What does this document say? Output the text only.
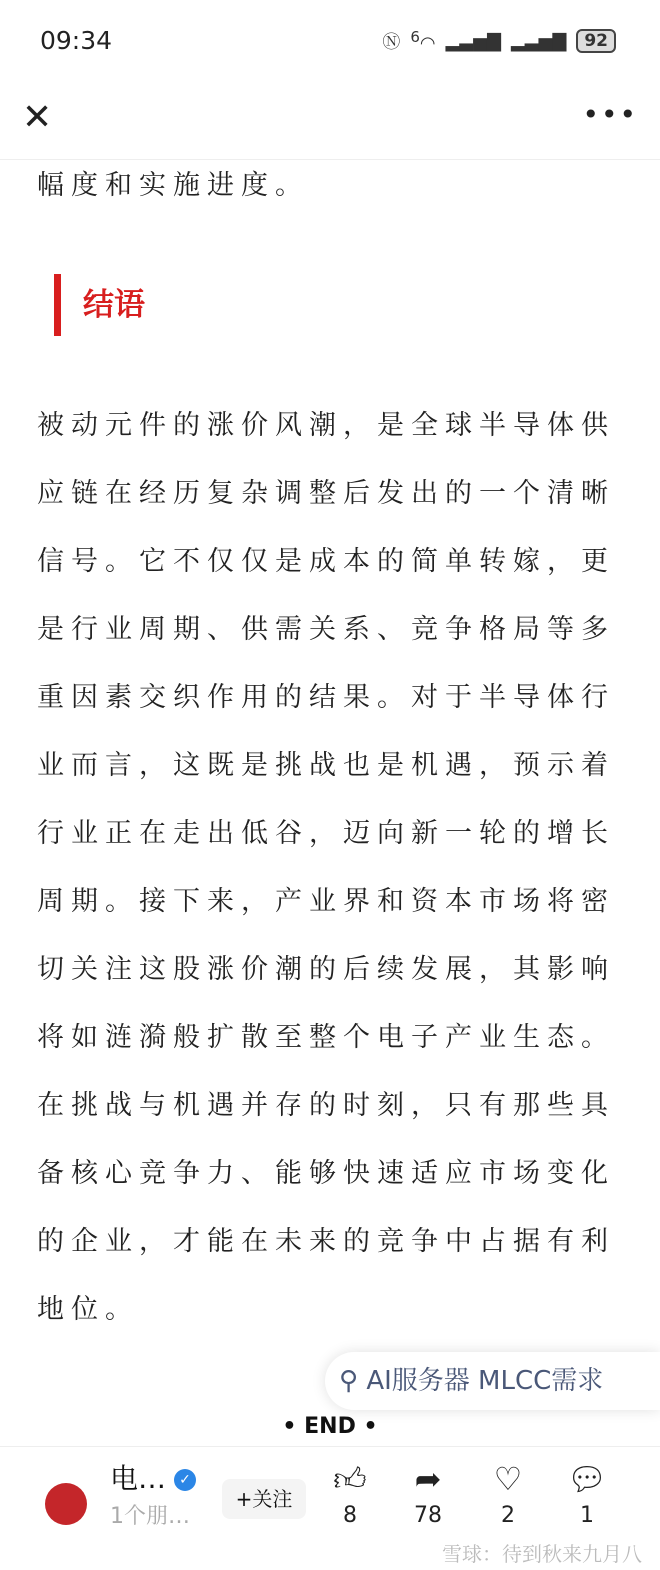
09:34	Ⓝ $^6$◠ ▂▃▅▇ ▂▃▅▇	92
✕	•••
幅度和实施进度。
结语
被动元件的涨价风潮，是全球半导体供应链在经历复杂调整后发出的一个清晰信号。它不仅仅是成本的简单转嫁，更是行业周期、供需关系、竞争格局等多重因素交织作用的结果。对于半导体行业而言，这既是挑战也是机遇，预示着行业正在走出低谷，迈向新一轮的增长周期。接下来，产业界和资本市场将密切关注这股涨价潮的后续发展，其影响将如涟漪般扩散至整个电子产业生态。在挑战与机遇并存的时刻，只有那些具备核心竞争力、能够快速适应市场变化的企业，才能在未来的竞争中占据有利地位。
⚲ AI服务器 MLCC需求
• END •
电… ✓
1个朋…
+关注
👍︎
8
➦
78
♡
2
💬︎
1
雪球：待到秋来九月八
